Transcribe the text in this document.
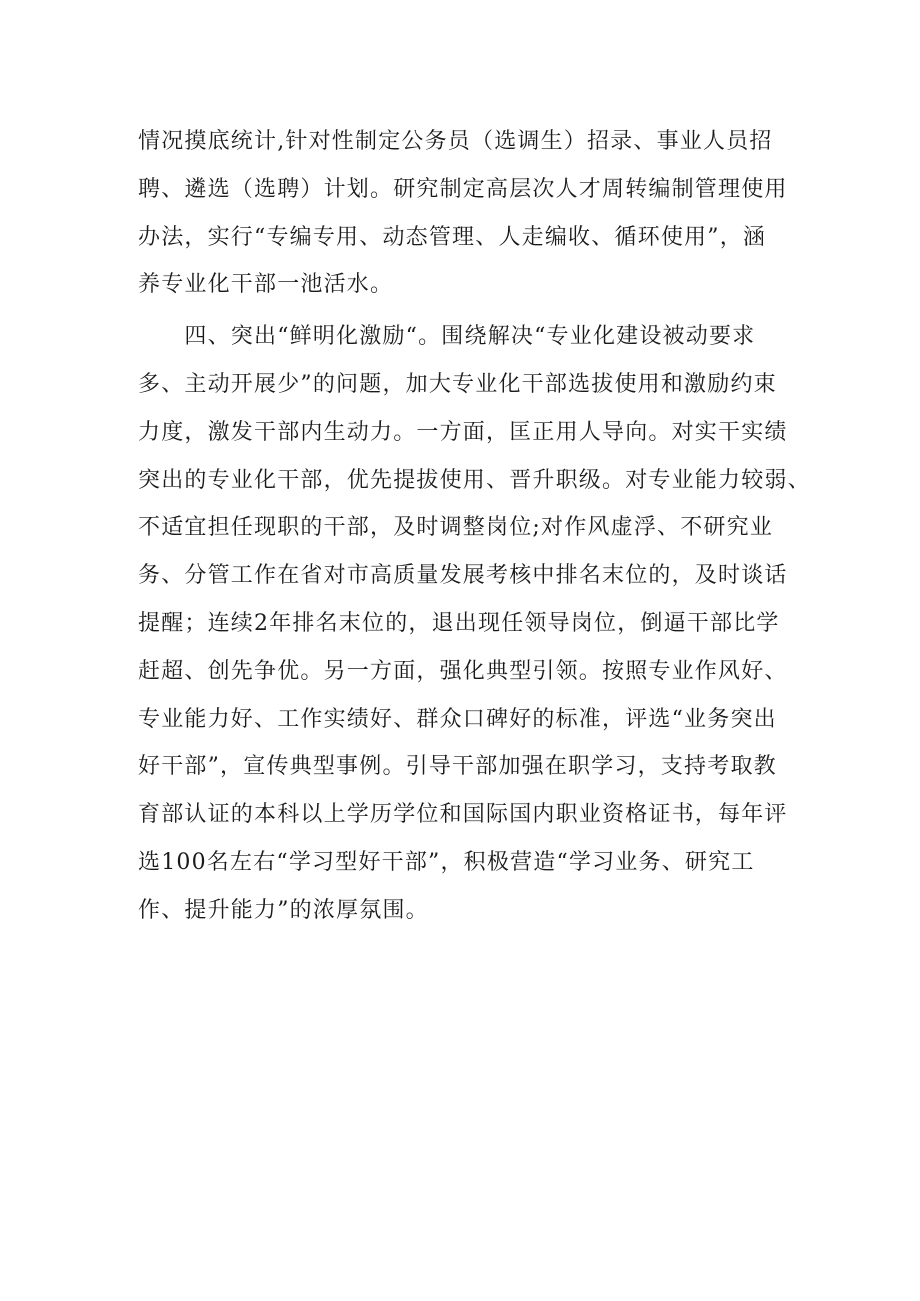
情况摸底统计,针对性制定公务员（选调生）招录、事业人员招
聘、遴选（选聘）计划。研究制定高层次人才周转编制管理使用
办法，实行“专编专用、动态管理、人走编收、循环使用”，涵
养专业化干部一池活水。
　　四、突出“鲜明化激励“。围绕解决“专业化建设被动要求
多、主动开展少”的问题，加大专业化干部选拔使用和激励约束
力度，激发干部内生动力。一方面，匡正用人导向。对实干实绩
突出的专业化干部，优先提拔使用、晋升职级。对专业能力较弱、
不适宜担任现职的干部，及时调整岗位;对作风虚浮、不研究业
务、分管工作在省对市高质量发展考核中排名末位的，及时谈话
提醒；连续2年排名末位的，退出现任领导岗位，倒逼干部比学
赶超、创先争优。另一方面，强化典型引领。按照专业作风好、
专业能力好、工作实绩好、群众口碑好的标准，评选“业务突出
好干部”，宣传典型事例。引导干部加强在职学习，支持考取教
育部认证的本科以上学历学位和国际国内职业资格证书，每年评
选100名左右“学习型好干部”，积极营造“学习业务、研究工
作、提升能力”的浓厚氛围。
